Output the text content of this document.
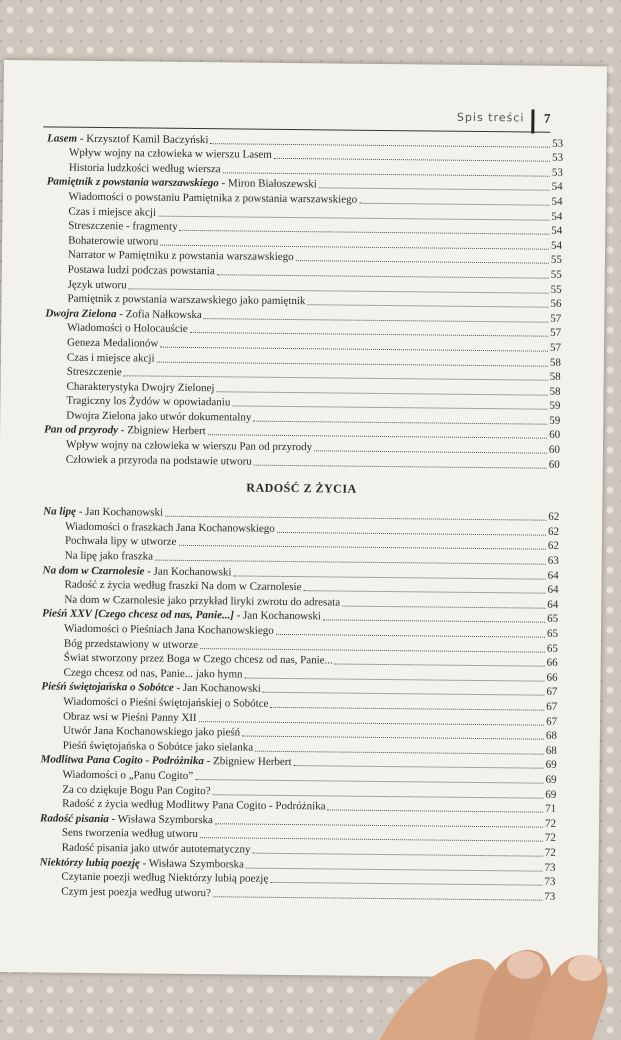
Spis treści 7
Lasem - Krzysztof Kamil Baczyński	53
Wpływ wojny na człowieka w wierszu Lasem	53
Historia ludzkości według wiersza	53
Pamiętnik z powstania warszawskiego - Miron Białoszewski	54
Wiadomości o powstaniu Pamiętnika z powstania warszawskiego	54
Czas i miejsce akcji	54
Streszczenie - fragmenty	54
Bohaterowie utworu	54
Narrator w Pamiętniku z powstania warszawskiego	55
Postawa ludzi podczas powstania	55
Język utworu	55
Pamiętnik z powstania warszawskiego jako pamiętnik	56
Dwojra Zielona - Zofia Nałkowska	57
Wiadomości o Holocauście	57
Geneza Medalionów	57
Czas i miejsce akcji	58
Streszczenie	58
Charakterystyka Dwojry Zielonej	58
Tragiczny los Żydów w opowiadaniu	59
Dwojra Zielona jako utwór dokumentalny	59
Pan od przyrody - Zbigniew Herbert	60
Wpływ wojny na człowieka w wierszu Pan od przyrody	60
Człowiek a przyroda na podstawie utworu	60
RADOŚĆ Z ŻYCIA
Na lipę - Jan Kochanowski	62
Wiadomości o fraszkach Jana Kochanowskiego	62
Pochwała lipy w utworze	62
Na lipę jako fraszka	63
Na dom w Czarnolesie - Jan Kochanowski	64
Radość z życia według fraszki Na dom w Czarnolesie	64
Na dom w Czarnolesie jako przykład liryki zwrotu do adresata	64
Pieśń XXV [Czego chcesz od nas, Panie...] - Jan Kochanowski	65
Wiadomości o Pieśniach Jana Kochanowskiego	65
Bóg przedstawiony w utworze	65
Świat stworzony przez Boga w Czego chcesz od nas, Panie...	66
Czego chcesz od nas, Panie... jako hymn	66
Pieśń świętojańska o Sobótce - Jan Kochanowski	67
Wiadomości o Pieśni świętojańskiej o Sobótce	67
Obraz wsi w Pieśni Panny XII	67
Utwór Jana Kochanowskiego jako pieśń	68
Pieśń świętojańska o Sobótce jako sielanka	68
Modlitwa Pana Cogito - Podróżnika - Zbigniew Herbert	69
Wiadomości o „Panu Cogito”	69
Za co dziękuje Bogu Pan Cogito?	69
Radość z życia według Modlitwy Pana Cogito - Podróżnika	71
Radość pisania - Wisława Szymborska	72
Sens tworzenia według utworu	72
Radość pisania jako utwór autotematyczny	72
Niektórzy lubią poezję - Wisława Szymborska	73
Czytanie poezji według Niektórzy lubią poezję	73
Czym jest poezja według utworu?	73
